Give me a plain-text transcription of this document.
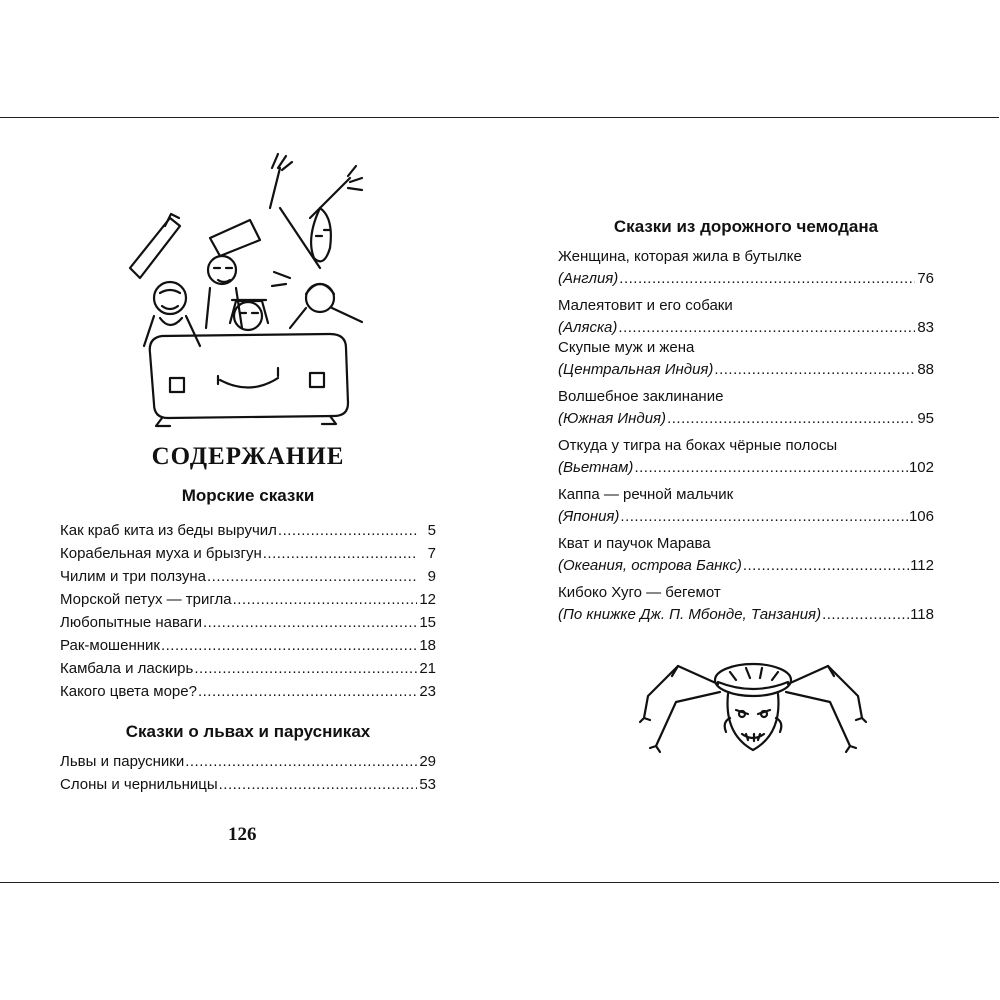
СОДЕРЖАНИЕ
Морские сказки
Как краб кита из беды выручил .....	5
Корабельная муха и брызгун .....	7
Чилим и три ползуна .....	9
Морской петух — тригла .....	12
Любопытные наваги .....	15
Рак-мошенник .....	18
Камбала и ласкирь .....	21
Какого цвета море? .....	23
Сказки о львах и парусниках
Львы и парусники .....	29
Слоны и чернильницы .....	53
126
Сказки из дорожного чемодана
Женщина, которая жила в бутылке
(Англия) .....	76
Малеятовит и его собаки
(Аляска) .....	83
Скупые муж и жена
(Центральная Индия) .....	88
Волшебное заклинание
(Южная Индия) .....	95
Откуда у тигра на боках чёрные полосы
(Вьетнам) .....	102
Каппа — речной мальчик
(Япония) .....	106
Кват и паучок Марава
(Океания, острова Банкс) .....	112
Кибоко Хуго — бегемот
(По книжке Дж. П. Мбонде, Танзания) .....	118
